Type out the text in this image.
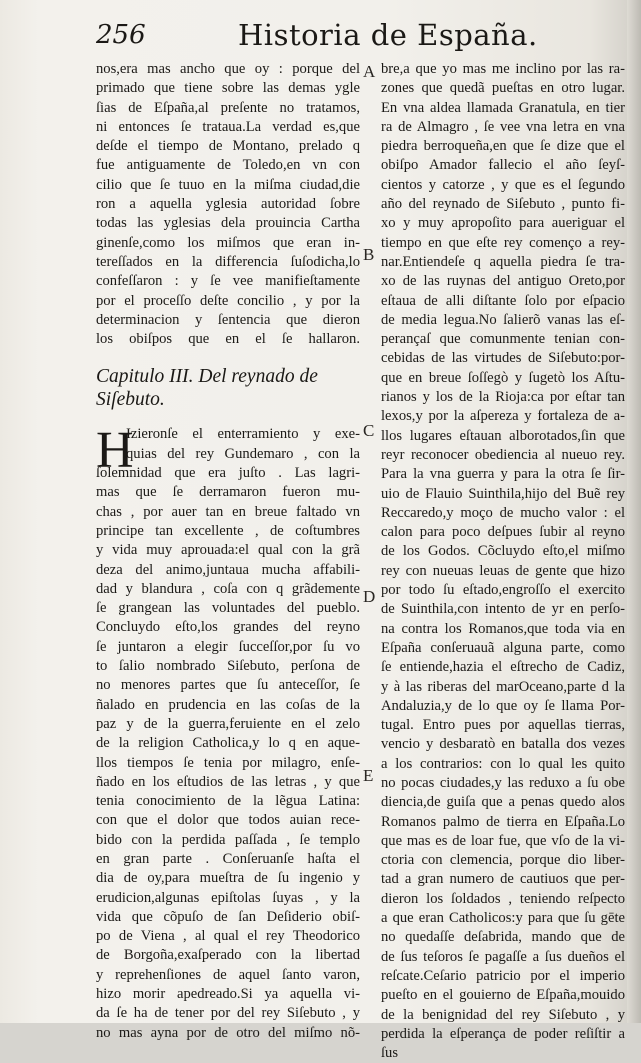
256	Historia de España.
nos,era mas ancho que oy : porque del
primado que tiene sobre las demas ygle
ſias de Eſpaña,al preſente no tratamos,
ni entonces ſe trataua.La verdad es,que
deſde el tiempo de Montano, prelado q
fue antiguamente de Toledo,en vn con
cilio que ſe tuuo en la miſma ciudad,die
ron a aquella yglesia autoridad ſobre
todas las yglesias dela prouincia Cartha
ginenſe,como los miſmos que eran in-
tereſſados en la differencia ſuſodicha,lo
confeſſaron : y ſe vee manifieſtamente
por el proceſſo deſte concilio , y por la
determinacion y ſentencia que dieron
los obiſpos que en el ſe hallaron.
Capitulo III. Del reynado de
Siſebuto.
H
Izieronſe el enterramiento y exe-
quias del rey Gundemaro , con la
ſolemnidad que era juſto . Las lagri-
mas que ſe derramaron fueron mu-
chas , por auer tan en breue faltado vn
principe tan excellente , de coſtumbres
y vida muy aprouada:el qual con la grã
deza del animo,juntaua mucha affabili-
dad y blandura , coſa con q grãdemente
ſe grangean las voluntades del pueblo.
Concluydo eſto,los grandes del reyno
ſe juntaron a elegir ſucceſſor,por ſu vo
to ſalio nombrado Siſebuto, perſona de
no menores partes que ſu anteceſſor, ſe
ñalado en prudencia en las coſas de la
paz y de la guerra,feruiente en el zelo
de la religion Catholica,y lo q en aque-
llos tiempos ſe tenia por milagro, enſe-
ñado en los eſtudios de las letras , y que
tenia conocimiento de la lẽgua Latina:
con que el dolor que todos auian rece-
bido con la perdida paſſada , ſe templo
en gran parte . Conſeruanſe haſta el
dia de oy,para mueſtra de ſu ingenio y
erudicion,algunas epiſtolas ſuyas , y la
vida que cõpuſo de ſan Deſiderio obiſ-
po de Viena , al qual el rey Theodorico
de Borgoña,exaſperado con la libertad
y reprehenſiones de aquel ſanto varon,
hizo morir apedreado.Si ya aquella vi-
da ſe ha de tener por del rey Siſebuto , y
no mas ayna por de otro del miſmo nõ-
A
B
C
D
E
bre,a que yo mas me inclino por las ra-
zones que quedã pueſtas en otro lugar.
En vna aldea llamada Granatula, en tier
ra de Almagro , ſe vee vna letra en vna
piedra berroqueña,en que ſe dize que el
obiſpo Amador fallecio el año ſeyſ-
cientos y catorze , y que es el ſegundo
año del reynado de Siſebuto , punto fi-
xo y muy apropoſito para aueriguar el
tiempo en que eſte rey començo a rey-
nar.Entiendeſe q aquella piedra ſe tra-
xo de las ruynas del antiguo Oreto,por
eſtaua de alli diſtante ſolo por eſpacio
de media legua.No ſalierõ vanas las eſ-
perançaſ que comunmente tenian con-
cebidas de las virtudes de Siſebuto:por-
que en breue ſoſſegò y ſugetò los Aſtu-
rianos y los de la Rioja:ca por eſtar tan
lexos,y por la aſpereza y fortaleza de a-
llos lugares eſtauan alborotados,ſin que
reyr reconocer obediencia al nueuo rey.
Para la vna guerra y para la otra ſe ſir-
uio de Flauio Suinthila,hijo del Buẽ rey
Reccaredo,y moço de mucho valor : el
calon para poco deſpues ſubir al reyno
de los Godos. Cõcluydo eſto,el miſmo
rey con nueuas leuas de gente que hizo
por todo ſu eſtado,engroſſo el exercito
de Suinthila,con intento de yr en perſo-
na contra los Romanos,que toda via en
Eſpaña conſeruauã alguna parte, como
ſe entiende,hazia el eſtrecho de Cadiz,
y à las riberas del marOceano,parte d la
Andaluzia,y de lo que oy ſe llama Por-
tugal. Entro pues por aquellas tierras,
vencio y desbaratò en batalla dos vezes
a los contrarios: con lo qual les quito
no pocas ciudades,y las reduxo a ſu obe
diencia,de guiſa que a penas quedo alos
Romanos palmo de tierra en Eſpaña.Lo
que mas es de loar fue, que vſo de la vi-
ctoria con clemencia, porque dio liber-
tad a gran numero de cautiuos que per-
dieron los ſoldados , teniendo reſpecto
a que eran Catholicos:y para que ſu gēte
no quedaſſe deſabrida, mando que de
de ſus teſoros ſe pagaſſe a ſus dueños el
reſcate.Ceſario patricio por el imperio
pueſto en el gouierno de Eſpaña,mouido
de la benignidad del rey Siſebuto , y
perdida la eſperança de poder reſiſtir a
ſus
